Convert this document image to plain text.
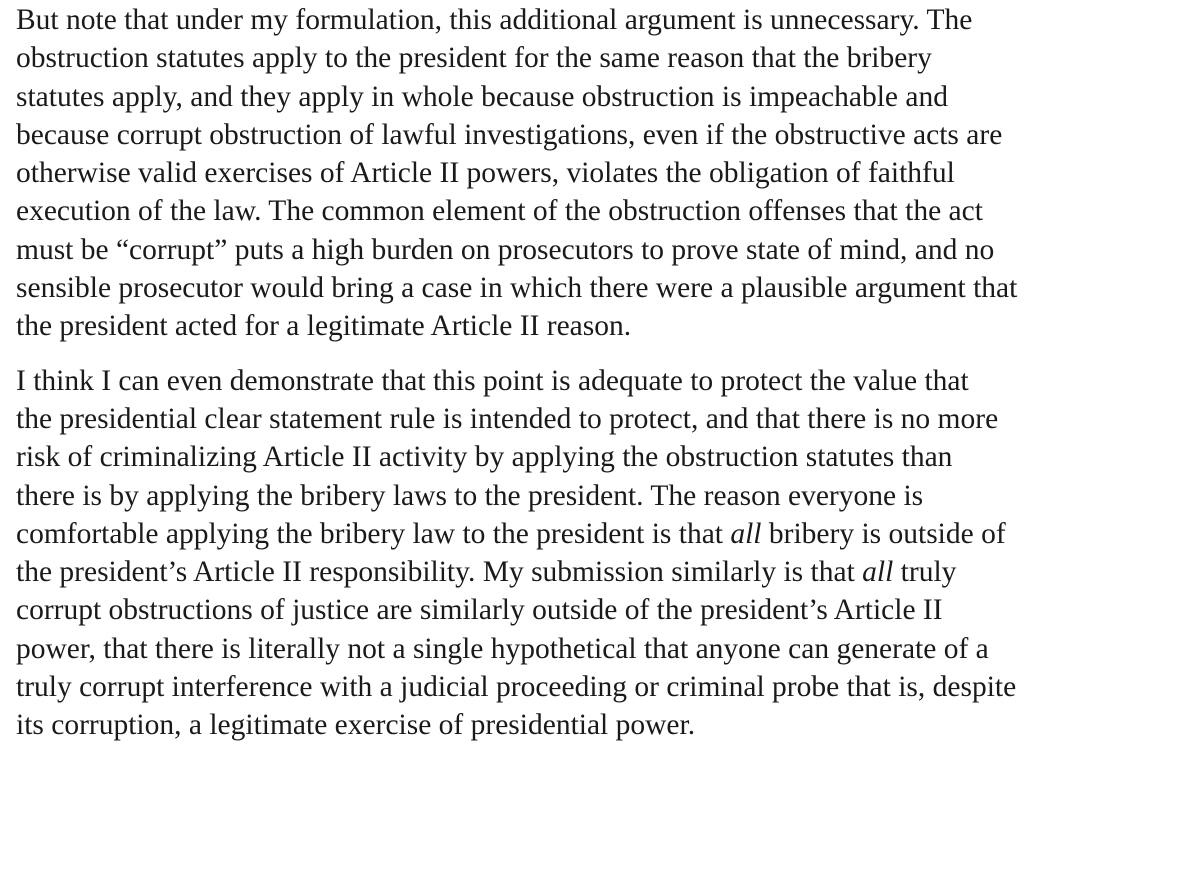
But note that under my formulation, this additional argument is unnecessary. The
obstruction statutes apply to the president for the same reason that the bribery
statutes apply, and they apply in whole because obstruction is impeachable and
because corrupt obstruction of lawful investigations, even if the obstructive acts are
otherwise valid exercises of Article II powers, violates the obligation of faithful
execution of the law. The common element of the obstruction offenses that the act
must be “corrupt” puts a high burden on prosecutors to prove state of mind, and no
sensible prosecutor would bring a case in which there were a plausible argument that
the president acted for a legitimate Article II reason.

I think I can even demonstrate that this point is adequate to protect the value that
the presidential clear statement rule is intended to protect, and that there is no more
risk of criminalizing Article II activity by applying the obstruction statutes than
there is by applying the bribery laws to the president. The reason everyone is
comfortable applying the bribery law to the president is that all bribery is outside of
the president’s Article II responsibility. My submission similarly is that all truly
corrupt obstructions of justice are similarly outside of the president’s Article II
power, that there is literally not a single hypothetical that anyone can generate of a
truly corrupt interference with a judicial proceeding or criminal probe that is, despite
its corruption, a legitimate exercise of presidential power.
